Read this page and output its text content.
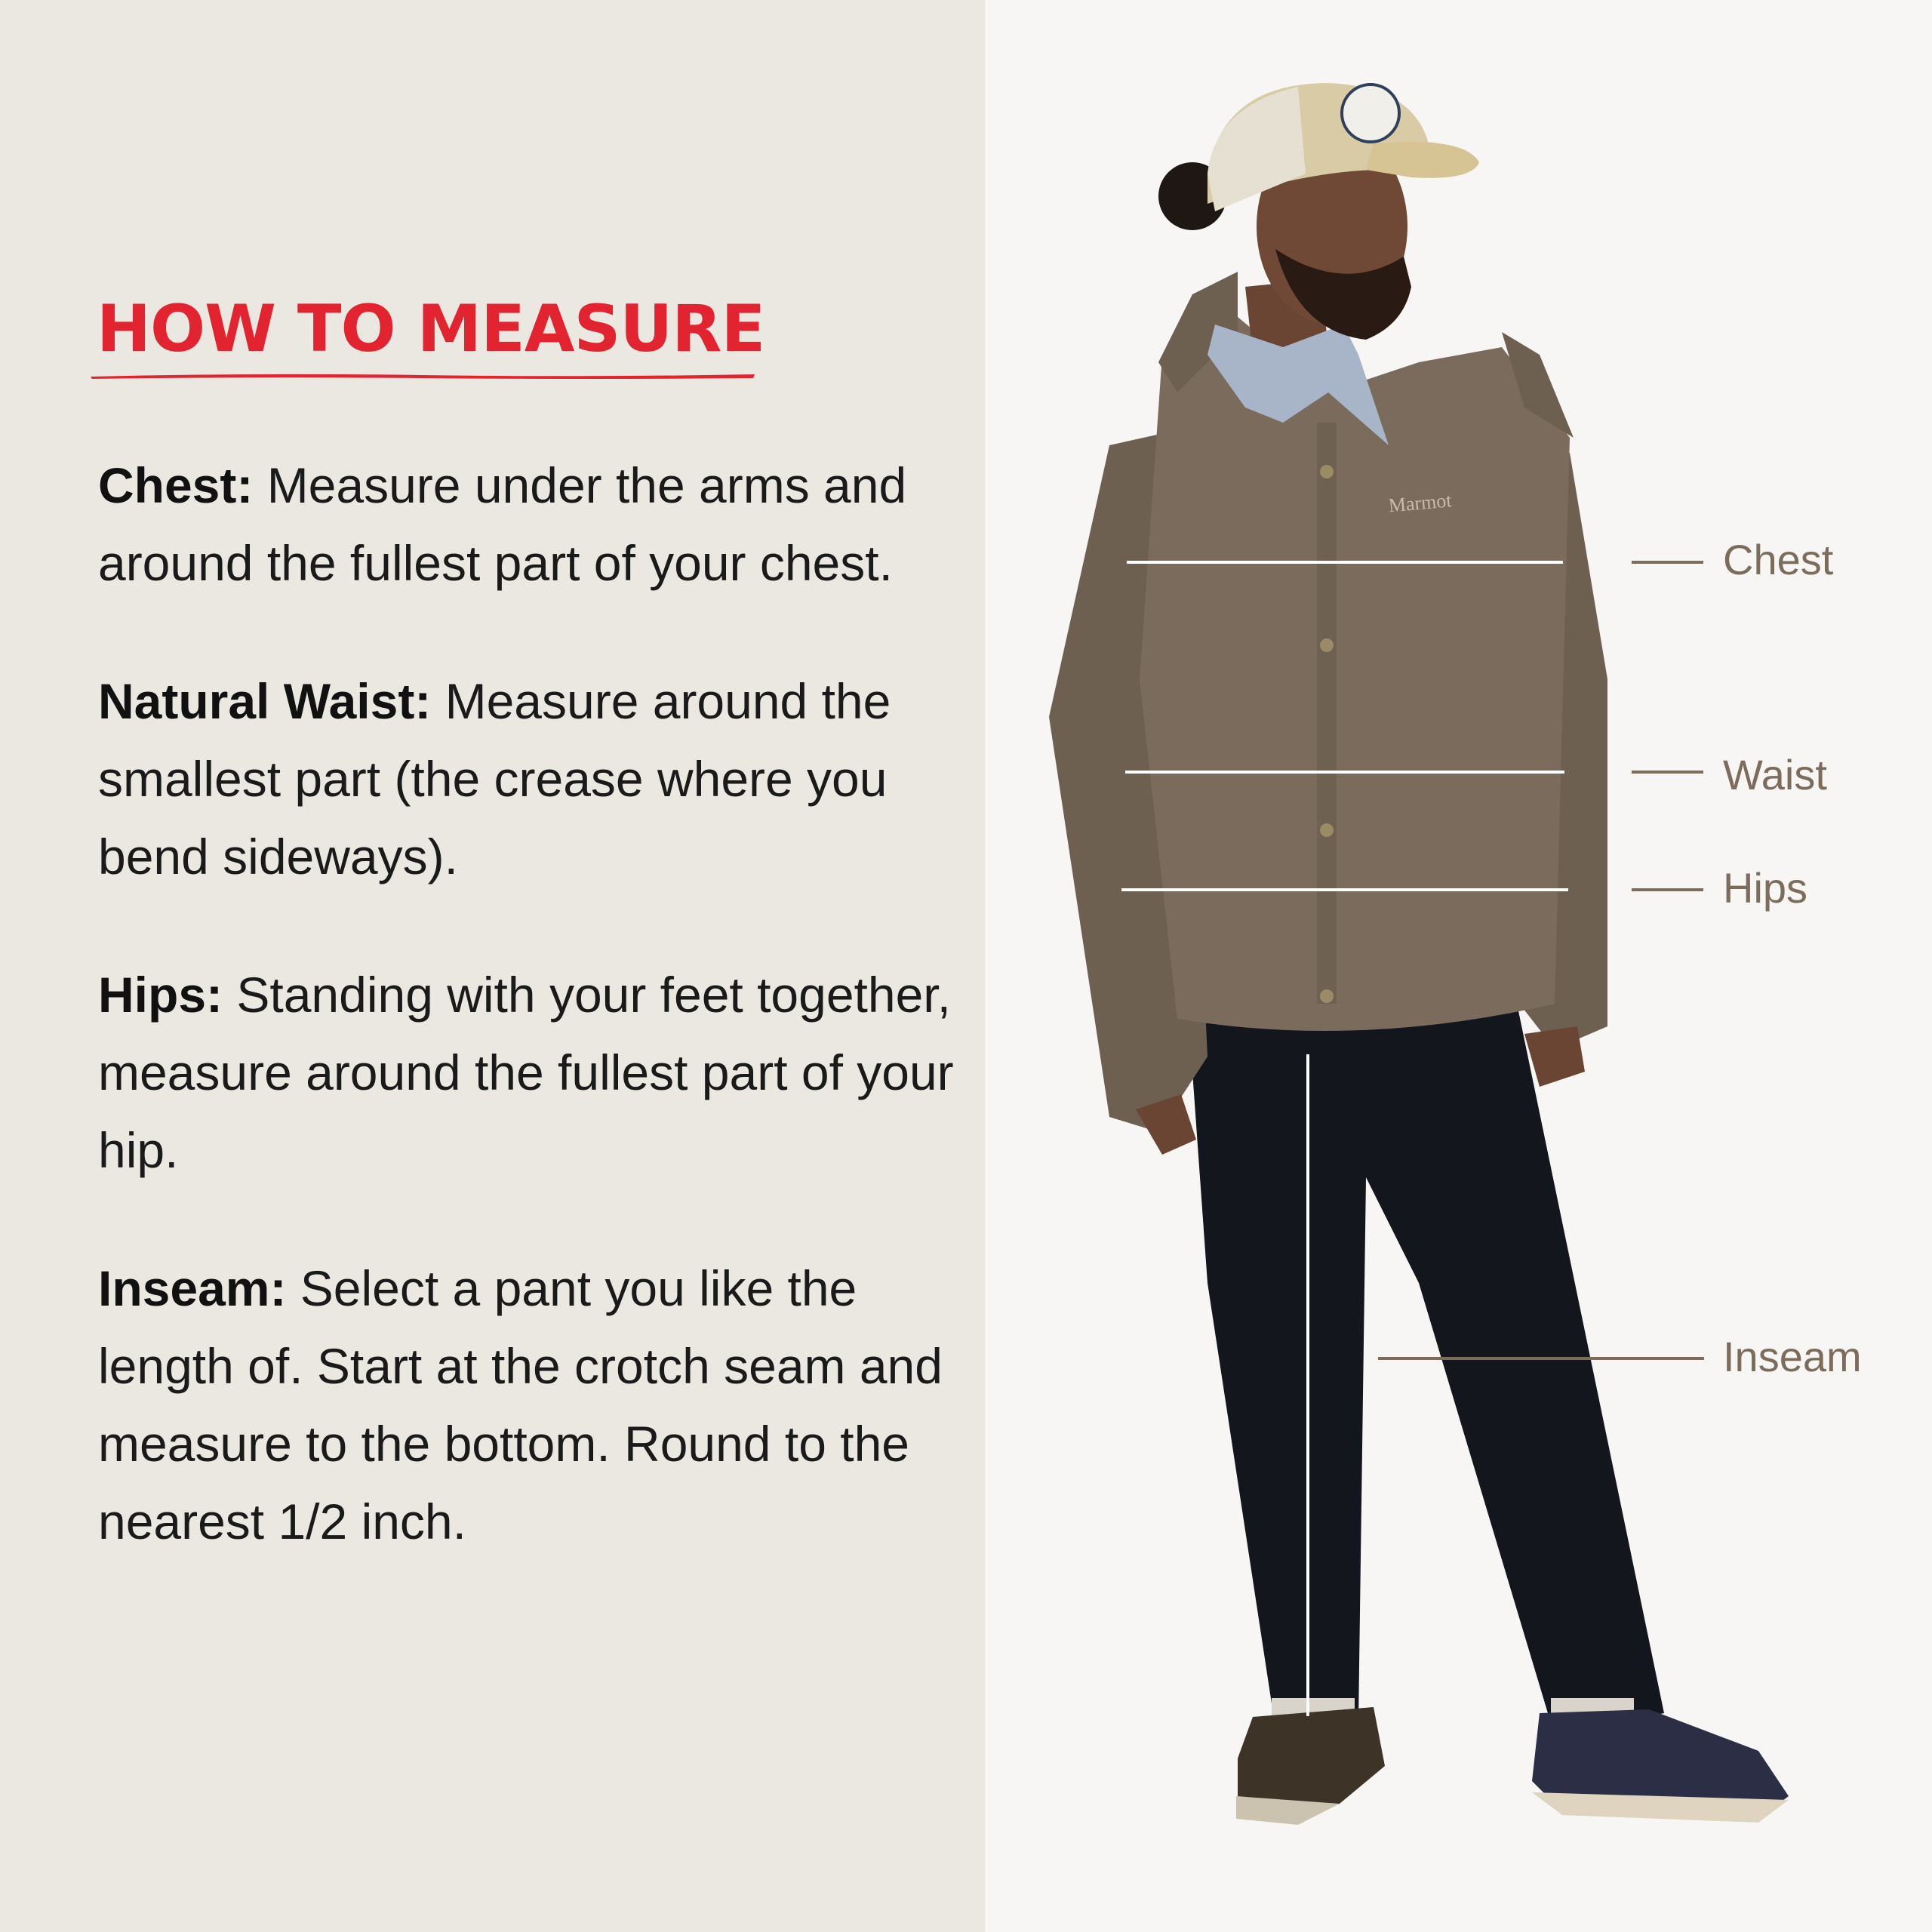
HOW TO MEASURE

Chest: Measure under the arms and around the fullest part of your chest.

Natural Waist: Measure around the smallest part (the crease where you bend sideways).

Hips: Standing with your feet together, measure around the fullest part of your hip.

Inseam: Select a pant you like the length of. Start at the crotch seam and measure to the bottom. Round to the nearest 1/2 inch.

Marmot
Chest
Waist
Hips
Inseam
